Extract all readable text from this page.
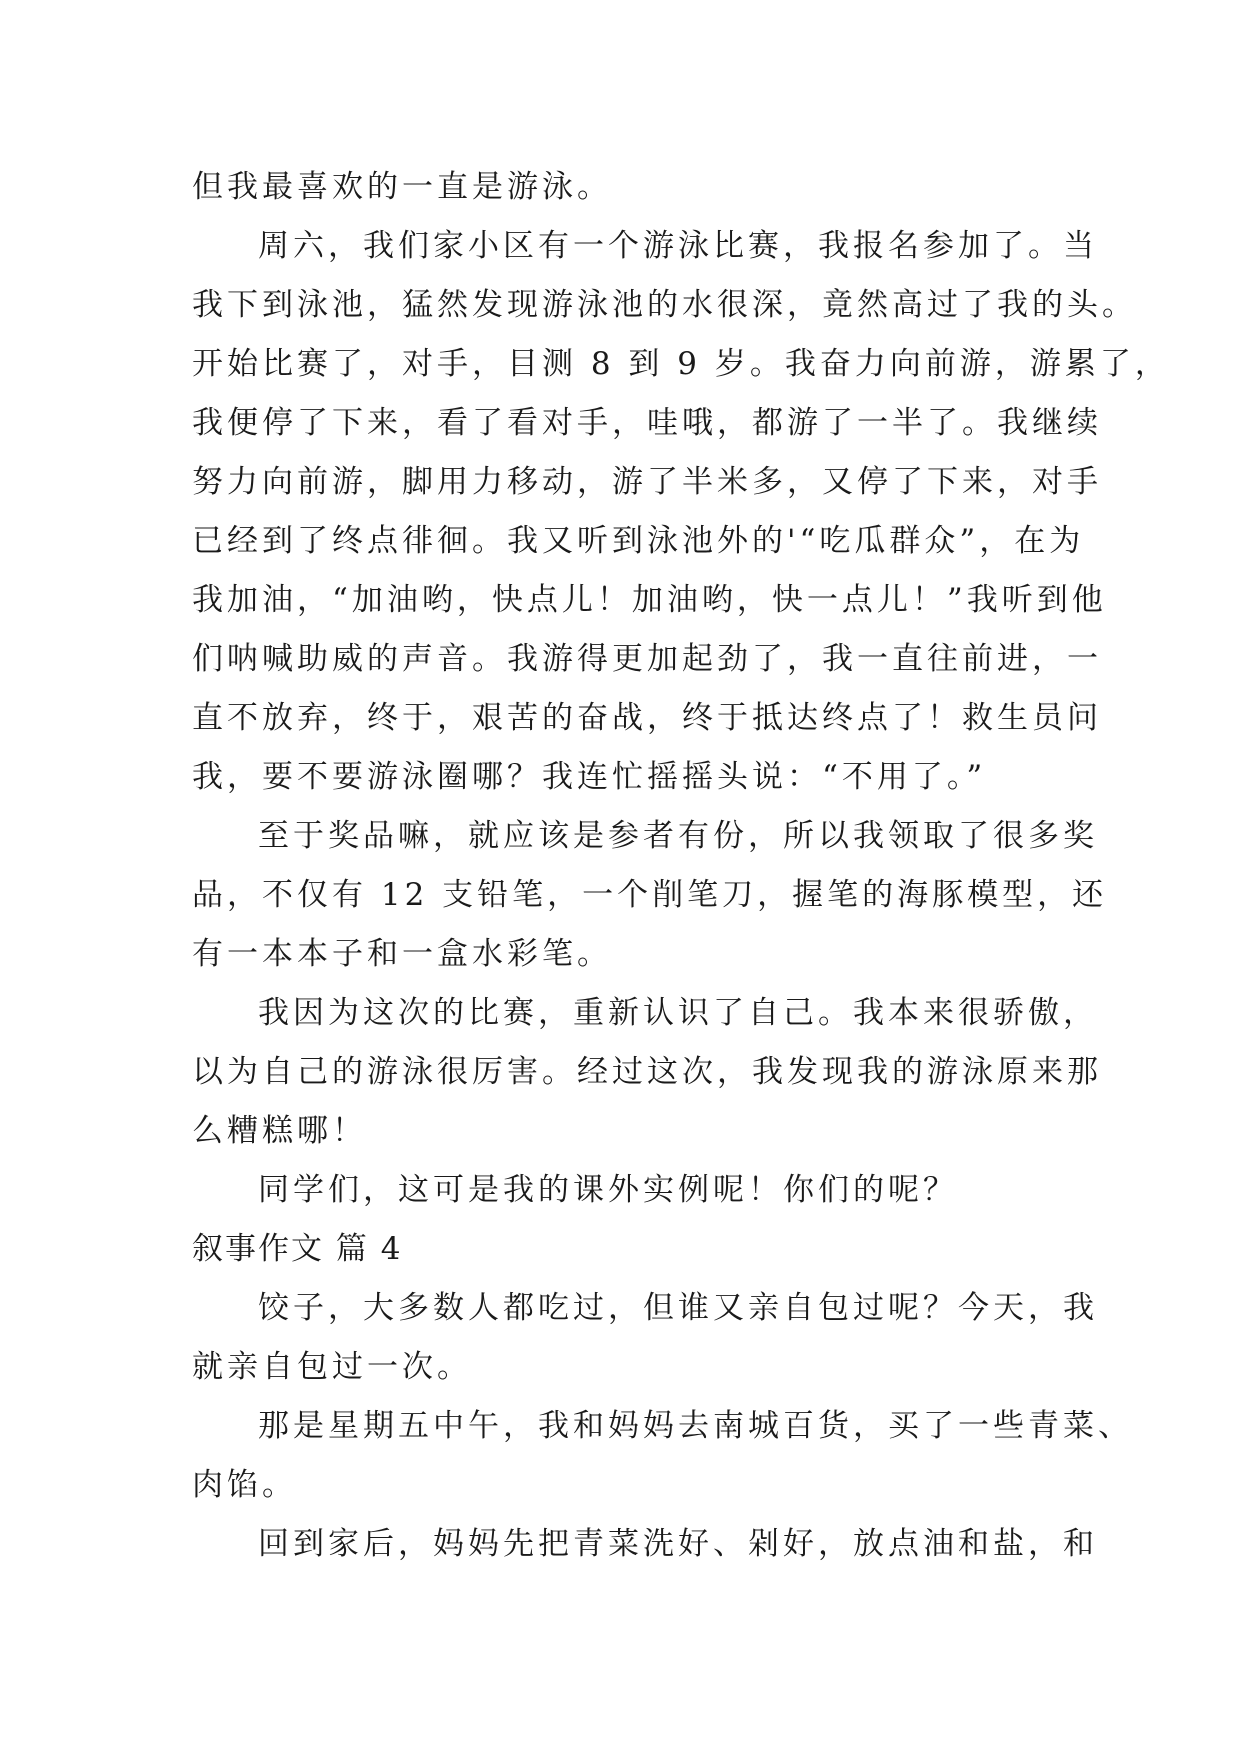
但我最喜欢的一直是游泳。
周六，我们家小区有一个游泳比赛，我报名参加了。当
我下到泳池，猛然发现游泳池的水很深，竟然高过了我的头。
开始比赛了，对手，目测 8 到 9 岁。我奋力向前游，游累了，
我便停了下来，看了看对手，哇哦，都游了一半了。我继续
努力向前游，脚用力移动，游了半米多，又停了下来，对手
已经到了终点徘徊。我又听到泳池外的'“吃瓜群众”，在为
我加油，“加油哟，快点儿！加油哟，快一点儿！”我听到他
们呐喊助威的声音。我游得更加起劲了，我一直往前进，一
直不放弃，终于，艰苦的奋战，终于抵达终点了！救生员问
我，要不要游泳圈哪？我连忙摇摇头说：“不用了。”
至于奖品嘛，就应该是参者有份，所以我领取了很多奖
品，不仅有 12 支铅笔，一个削笔刀，握笔的海豚模型，还
有一本本子和一盒水彩笔。
我因为这次的比赛，重新认识了自己。我本来很骄傲，
以为自己的游泳很厉害。经过这次，我发现我的游泳原来那
么糟糕哪！
同学们，这可是我的课外实例呢！你们的呢？
叙事作文 篇 4
饺子，大多数人都吃过，但谁又亲自包过呢？今天，我
就亲自包过一次。
那是星期五中午，我和妈妈去南城百货，买了一些青菜、
肉馅。
回到家后，妈妈先把青菜洗好、剁好，放点油和盐，和
